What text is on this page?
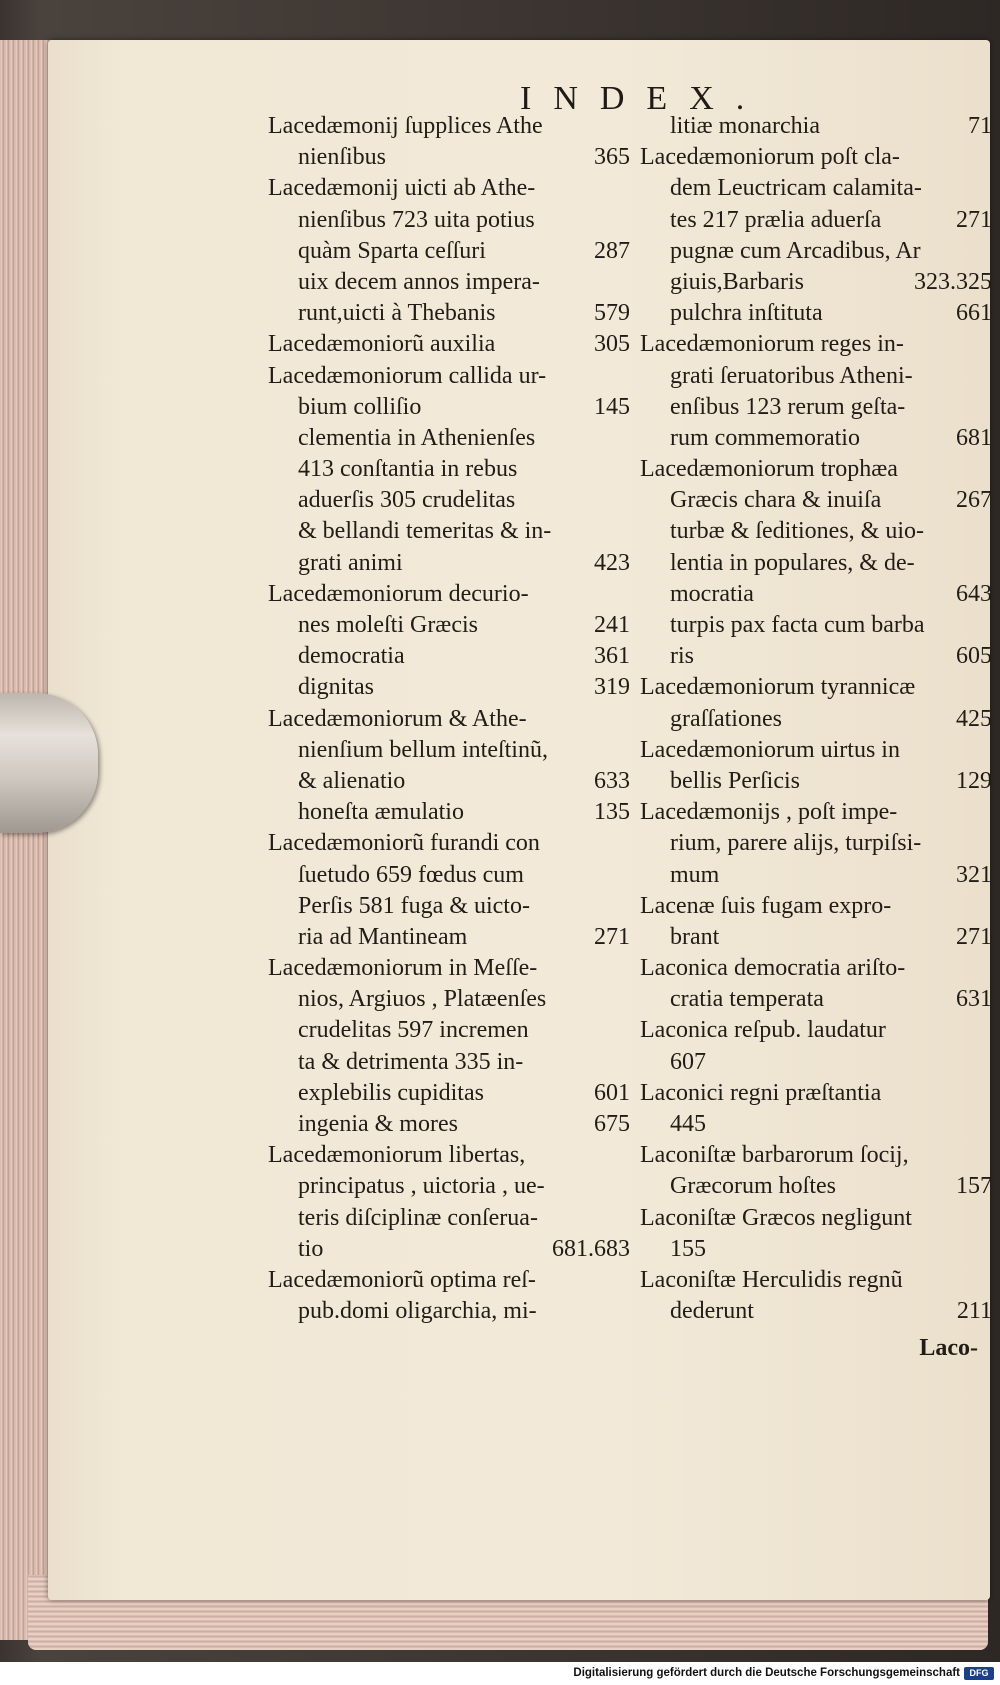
INDEX.
Lacedæmonij ſupplices Athe
nienſibus	365
Lacedæmonij uicti ab Athe-
nienſibus 723 uita potius
quàm Sparta ceſſuri	287
uix decem annos impera-
runt,uicti à Thebanis	579
Lacedæmoniorũ auxilia	305
Lacedæmoniorum callida ur-
bium colliſio	145
clementia in Athenienſes
413 conſtantia in rebus
aduerſis 305 crudelitas
& bellandi temeritas & in-
grati animi	423
Lacedæmoniorum decurio-
nes moleſti Græcis	241
democratia	361
dignitas	319
Lacedæmoniorum & Athe-
nienſium bellum inteſtinũ,
& alienatio	633
honeſta æmulatio	135
Lacedæmoniorũ furandi con
ſuetudo 659 fœdus cum
Perſis 581 fuga & uicto-
ria ad Mantineam	271
Lacedæmoniorum in Meſſe-
nios, Argiuos , Platæenſes
crudelitas 597 incremen
ta & detrimenta 335 in-
explebilis cupiditas	601
ingenia & mores	675
Lacedæmoniorum libertas,
principatus , uictoria , ue-
teris diſciplinæ conſerua-
tio	681.683
Lacedæmoniorũ optima reſ-
pub.domi oligarchia, mi-
litiæ monarchia	71
Lacedæmoniorum poſt cla-
dem Leuctricam calamita-
tes 217 prælia aduerſa	271
pugnæ cum Arcadibus, Ar
giuis,Barbaris	323.325
pulchra inſtituta	661
Lacedæmoniorum reges in-
grati ſeruatoribus Atheni-
enſibus 123 rerum geſta-
rum commemoratio	681
Lacedæmoniorum trophæa
Græcis chara & inuiſa	267
turbæ & ſeditiones, & uio-
lentia in populares, & de-
mocratia	643
turpis pax facta cum barba
ris	605
Lacedæmoniorum tyrannicæ
graſſationes	425
Lacedæmoniorum uirtus in
bellis Perſicis	129
Lacedæmonijs , poſt impe-
rium, parere alijs, turpiſsi-
mum	321
Lacenæ ſuis fugam expro-
brant	271
Laconica democratia ariſto-
cratia temperata	631
Laconica reſpub. laudatur
607
Laconici regni præſtantia
445
Laconiſtæ barbarorum ſocij,
Græcorum hoſtes	157
Laconiſtæ Græcos negligunt
155
Laconiſtæ Herculidis regnũ
dederunt	211
Laco-
Digitalisierung gefördert durch die Deutsche Forschungsgemeinschaft	DFG
